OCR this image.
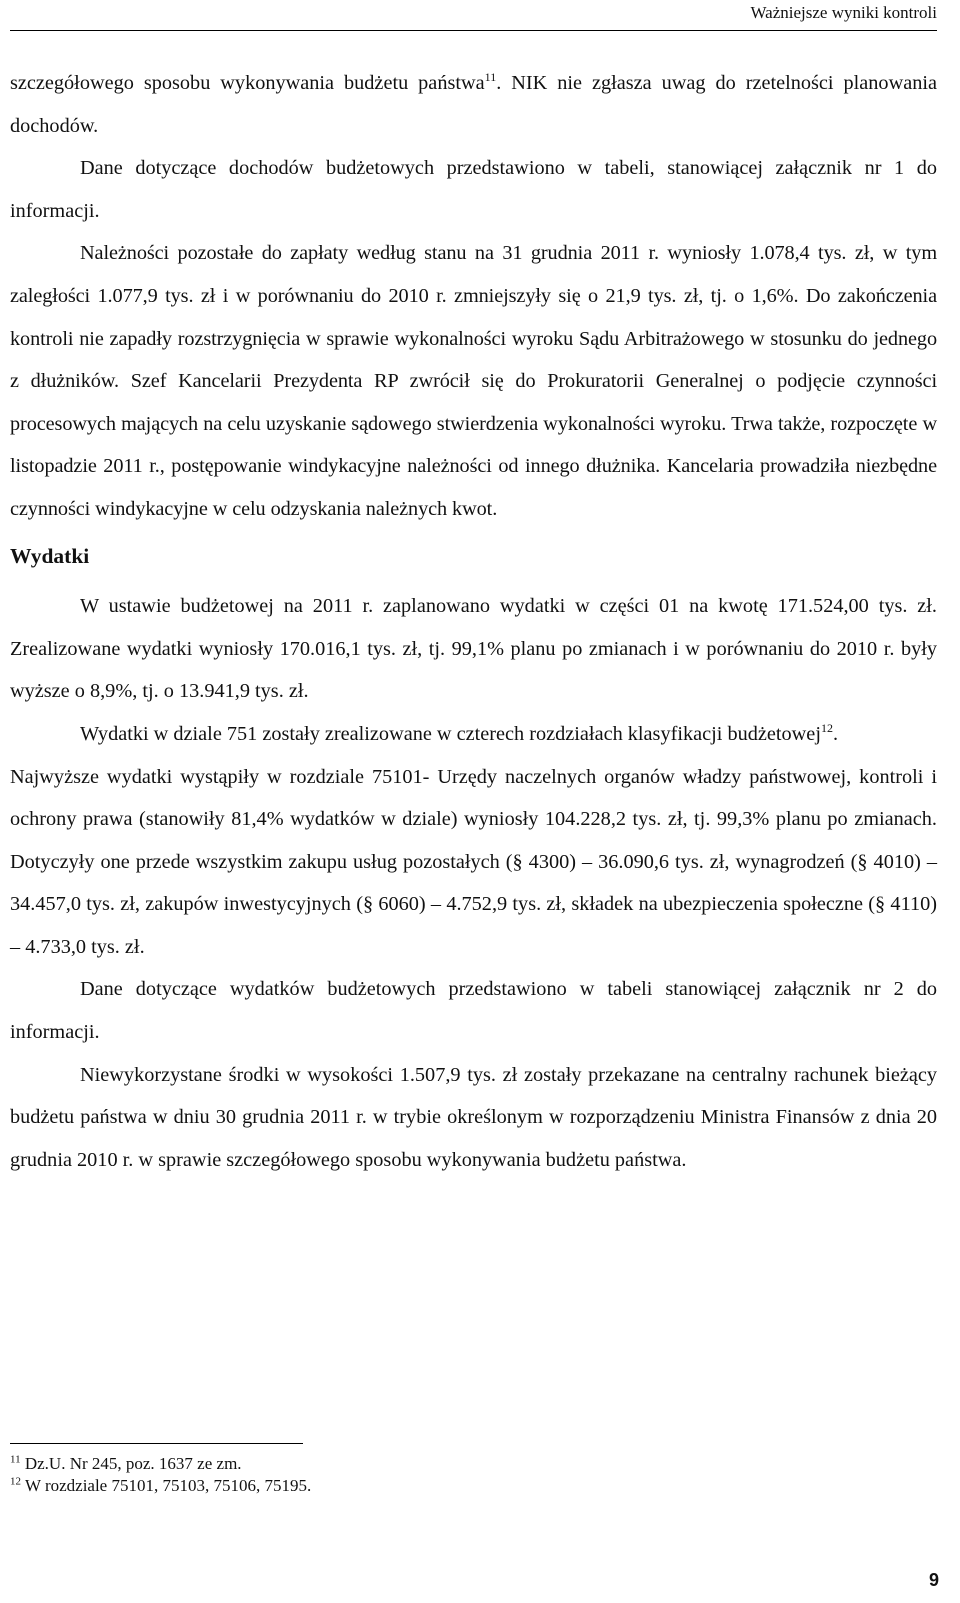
Ważniejsze wyniki kontroli

szczegółowego sposobu wykonywania budżetu państwa$^{11}$. NIK nie zgłasza uwag do rzetelności planowania dochodów.

Dane dotyczące dochodów budżetowych przedstawiono w tabeli, stanowiącej załącznik nr 1 do informacji.

Należności pozostałe do zapłaty według stanu na 31 grudnia 2011 r. wyniosły 1.078,4 tys. zł, w tym zaległości 1.077,9 tys. zł i w porównaniu do 2010 r. zmniejszyły się o 21,9 tys. zł, tj. o 1,6%. Do zakończenia kontroli nie zapadły rozstrzygnięcia w sprawie wykonalności wyroku Sądu Arbitrażowego w stosunku do jednego z dłużników. Szef Kancelarii Prezydenta RP zwrócił się do Prokuratorii Generalnej o podjęcie czynności procesowych mających na celu uzyskanie sądowego stwierdzenia wykonalności wyroku. Trwa także, rozpoczęte w listopadzie 2011 r., postępowanie windykacyjne należności od innego dłużnika. Kancelaria prowadziła niezbędne czynności windykacyjne w celu odzyskania należnych kwot.

Wydatki

W ustawie budżetowej na 2011 r. zaplanowano wydatki w części 01 na kwotę 171.524,00 tys. zł. Zrealizowane wydatki wyniosły 170.016,1 tys. zł, tj. 99,1% planu po zmianach i w porównaniu do 2010 r. były wyższe o 8,9%, tj. o 13.941,9 tys. zł.

Wydatki w dziale 751 zostały zrealizowane w czterech rozdziałach klasyfikacji budżetowej$^{12}$.

Najwyższe wydatki wystąpiły w rozdziale 75101- Urzędy naczelnych organów władzy państwowej, kontroli i ochrony prawa (stanowiły 81,4% wydatków w dziale) wyniosły 104.228,2 tys. zł, tj. 99,3% planu po zmianach. Dotyczyły one przede wszystkim zakupu usług pozostałych (§ 4300) – 36.090,6 tys. zł, wynagrodzeń (§ 4010) – 34.457,0 tys. zł, zakupów inwestycyjnych (§ 6060) – 4.752,9 tys. zł, składek na ubezpieczenia społeczne (§ 4110) – 4.733,0 tys. zł.

Dane dotyczące wydatków budżetowych przedstawiono w tabeli stanowiącej załącznik nr 2 do informacji.

Niewykorzystane środki w wysokości 1.507,9 tys. zł zostały przekazane na centralny rachunek bieżący budżetu państwa w dniu 30 grudnia 2011 r. w trybie określonym w rozporządzeniu Ministra Finansów z dnia 20 grudnia 2010 r. w sprawie szczegółowego sposobu wykonywania budżetu państwa.

$^{11}$ Dz.U. Nr 245, poz. 1637 ze zm.
$^{12}$ W rozdziale 75101, 75103, 75106, 75195.
9
